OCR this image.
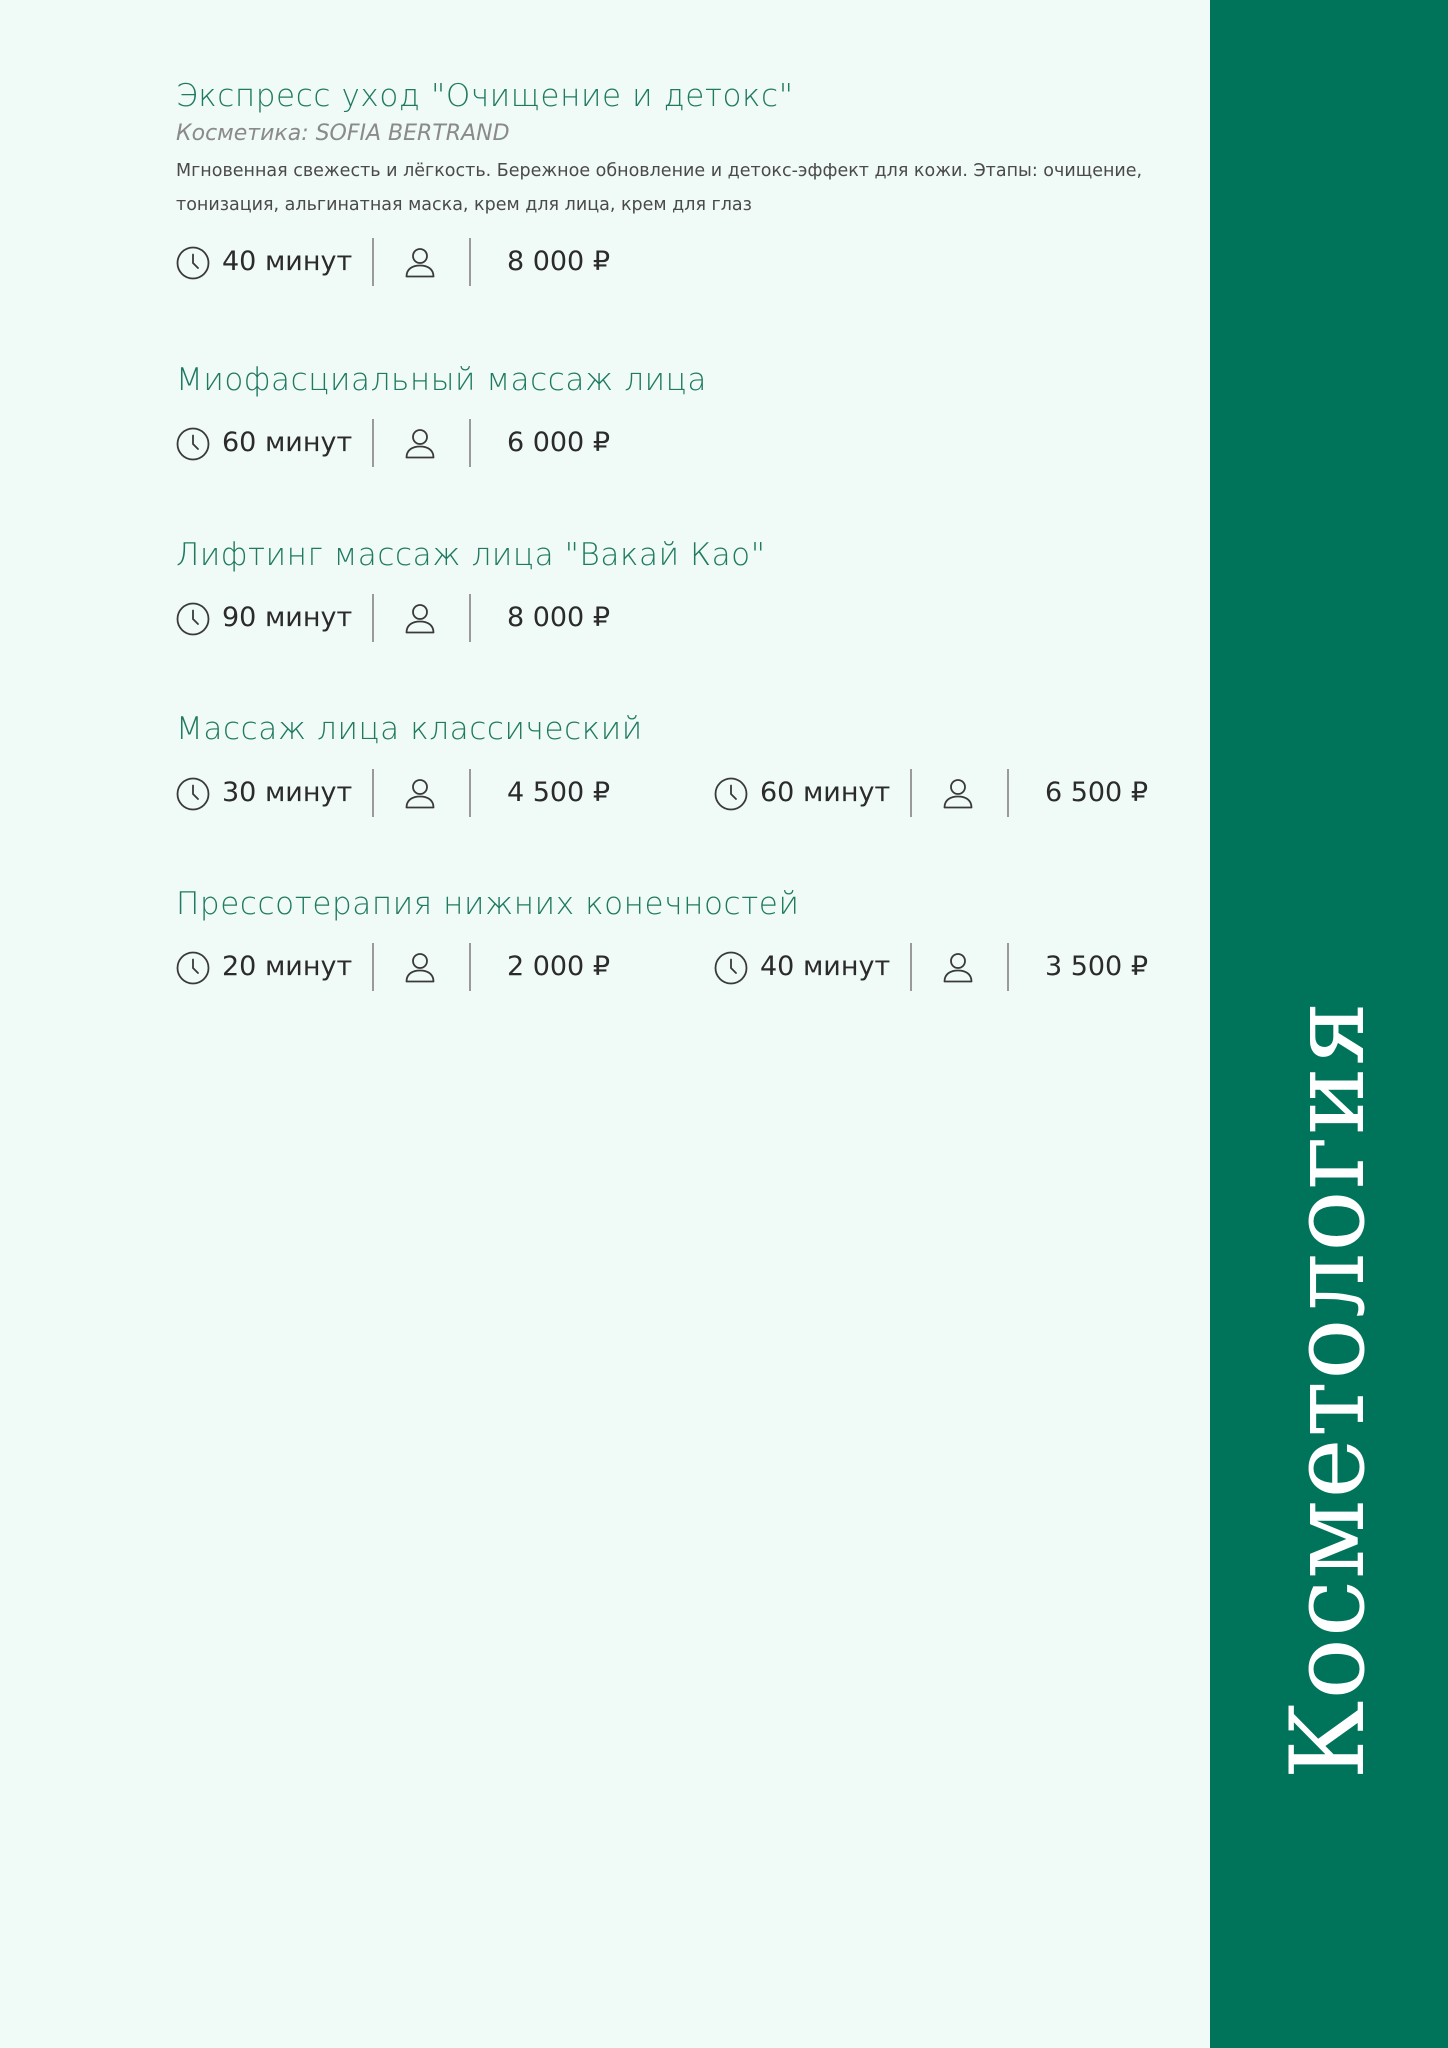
Экспресс уход "Очищение и детокс"
Косметика: SOFIA BERTRAND
Мгновенная свежесть и лёгкость. Бережное обновление и детокс-эффект для кожи. Этапы: очищение, тонизация, альгинатная маска, крем для лица, крем для глаз
40 минут	8 000 ₽
Миофасциальный массаж лица
60 минут	6 000 ₽
Лифтинг массаж лица "Вакай Као"
90 минут	8 000 ₽
Массаж лица классический
30 минут	4 500 ₽	60 минут	6 500 ₽
Прессотерапия нижних конечностей
20 минут	2 000 ₽	40 минут	3 500 ₽
Косметология
